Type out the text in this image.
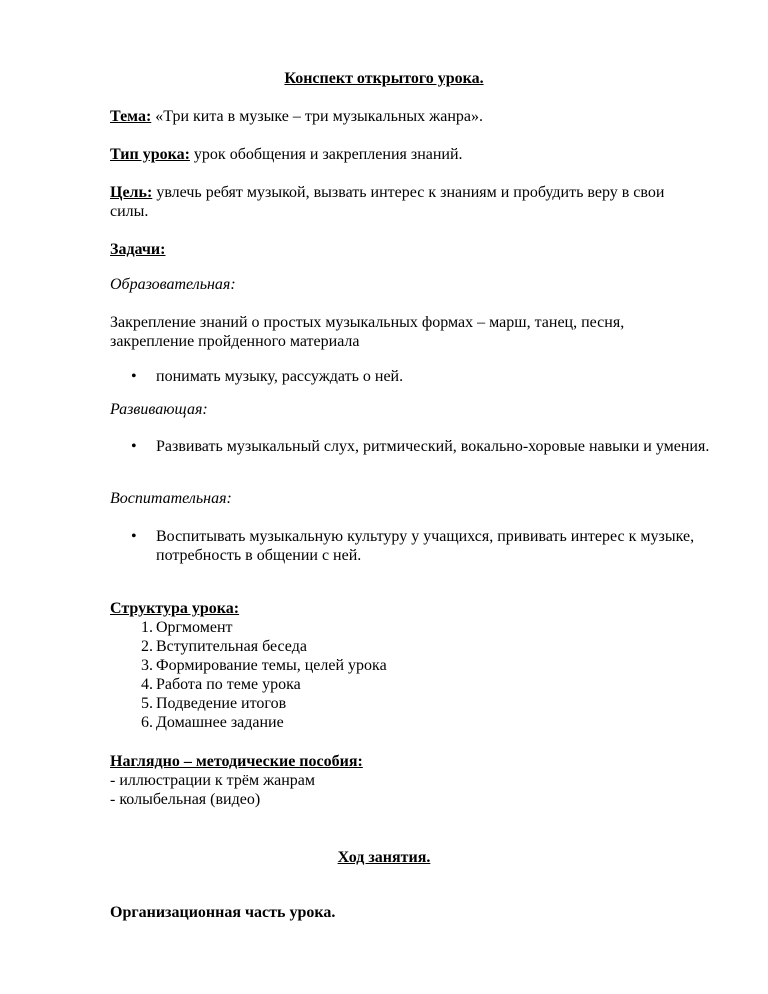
Конспект открытого урока.

Тема: «Три кита в музыке – три музыкальных жанра».

Тип урока: урок обобщения и закрепления знаний.

Цель: увлечь ребят музыкой, вызвать интерес к знаниям и пробудить веру в свои силы.

Задачи:

Образовательная:

Закрепление знаний о простых музыкальных формах – марш, танец, песня, закрепление пройденного материала

• понимать музыку, рассуждать о ней.

Развивающая:

• Развивать музыкальный слух, ритмический, вокально-хоровые навыки и умения.

Воспитательная:

• Воспитывать музыкальную культуру у учащихся, прививать интерес к музыке, потребность в общении с ней.

Структура урока:

1. Оргмомент
2. Вступительная беседа
3. Формирование темы, целей урока
4. Работа по теме урока
5. Подведение итогов
6. Домашнее задание

Наглядно – методические пособия:

- иллюстрации к трём жанрам

- колыбельная (видео)

Ход занятия.

Организационная часть урока.
